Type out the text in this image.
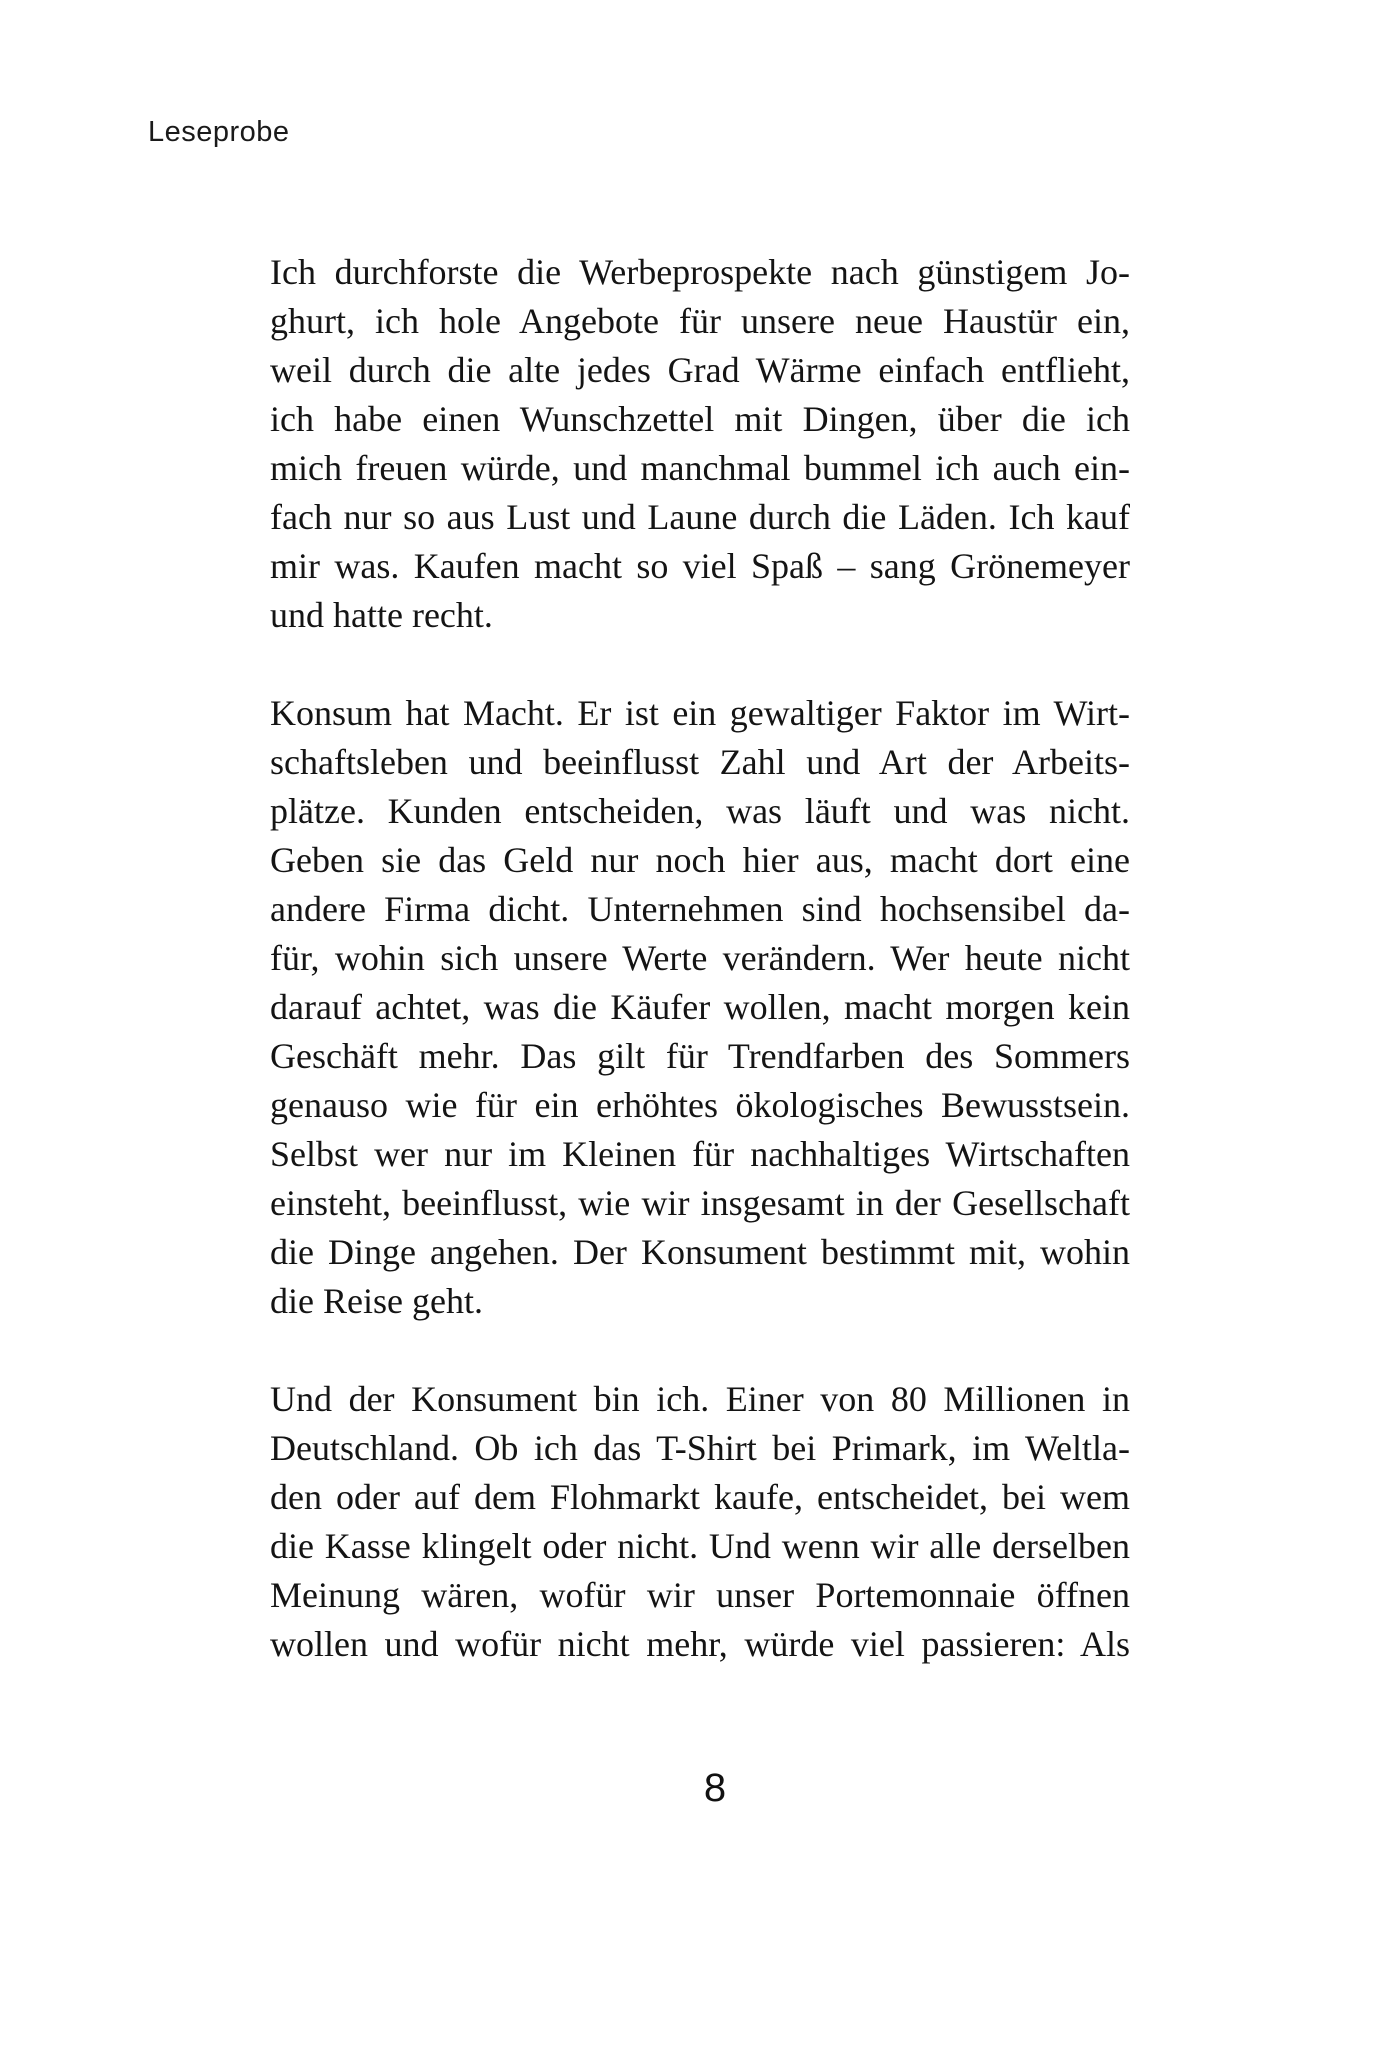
Leseprobe
Ich durchforste die Werbeprospekte nach günstigem Jo-
ghurt, ich hole Angebote für unsere neue Haustür ein,
weil durch die alte jedes Grad Wärme einfach entflieht,
ich habe einen Wunschzettel mit Dingen, über die ich
mich freuen würde, und manchmal bummel ich auch ein-
fach nur so aus Lust und Laune durch die Läden. Ich kauf
mir was. Kaufen macht so viel Spaß – sang Grönemeyer
und hatte recht.
Konsum hat Macht. Er ist ein gewaltiger Faktor im Wirt-
schaftsleben und beeinflusst Zahl und Art der Arbeits-
plätze. Kunden entscheiden, was läuft und was nicht.
Geben sie das Geld nur noch hier aus, macht dort eine
andere Firma dicht. Unternehmen sind hochsensibel da-
für, wohin sich unsere Werte verändern. Wer heute nicht
darauf achtet, was die Käufer wollen, macht morgen kein
Geschäft mehr. Das gilt für Trendfarben des Sommers
genauso wie für ein erhöhtes ökologisches Bewusstsein.
Selbst wer nur im Kleinen für nachhaltiges Wirtschaften
einsteht, beeinflusst, wie wir insgesamt in der Gesellschaft
die Dinge angehen. Der Konsument bestimmt mit, wohin
die Reise geht.
Und der Konsument bin ich. Einer von 80 Millionen in
Deutschland. Ob ich das T-Shirt bei Primark, im Weltla-
den oder auf dem Flohmarkt kaufe, entscheidet, bei wem
die Kasse klingelt oder nicht. Und wenn wir alle derselben
Meinung wären, wofür wir unser Portemonnaie öffnen
wollen und wofür nicht mehr, würde viel passieren: Als
8
